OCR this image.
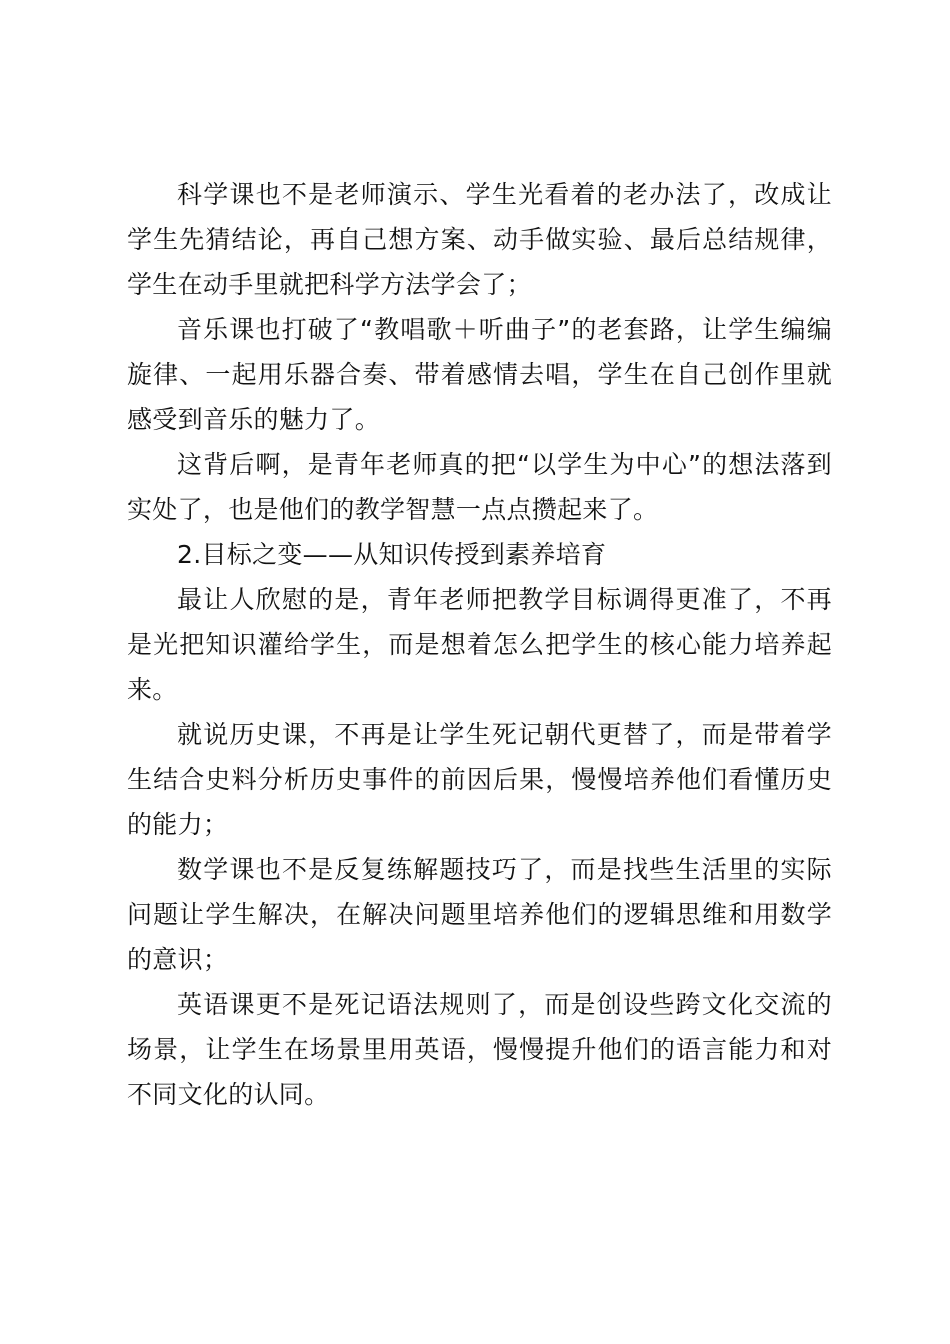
科学课也不是老师演示、学生光看着的老办法了，改成让学生先猜结论，再自己想方案、动手做实验、最后总结规律，学生在动手里就把科学方法学会了；

音乐课也打破了“教唱歌＋听曲子”的老套路，让学生编编旋律、一起用乐器合奏、带着感情去唱，学生在自己创作里就感受到音乐的魅力了。

这背后啊，是青年老师真的把“以学生为中心”的想法落到实处了，也是他们的教学智慧一点点攒起来了。

2.目标之变——从知识传授到素养培育

最让人欣慰的是，青年老师把教学目标调得更准了，不再是光把知识灌给学生，而是想着怎么把学生的核心能力培养起来。

就说历史课，不再是让学生死记朝代更替了，而是带着学生结合史料分析历史事件的前因后果，慢慢培养他们看懂历史的能力；

数学课也不是反复练解题技巧了，而是找些生活里的实际问题让学生解决，在解决问题里培养他们的逻辑思维和用数学的意识；

英语课更不是死记语法规则了，而是创设些跨文化交流的场景，让学生在场景里用英语，慢慢提升他们的语言能力和对不同文化的认同。
